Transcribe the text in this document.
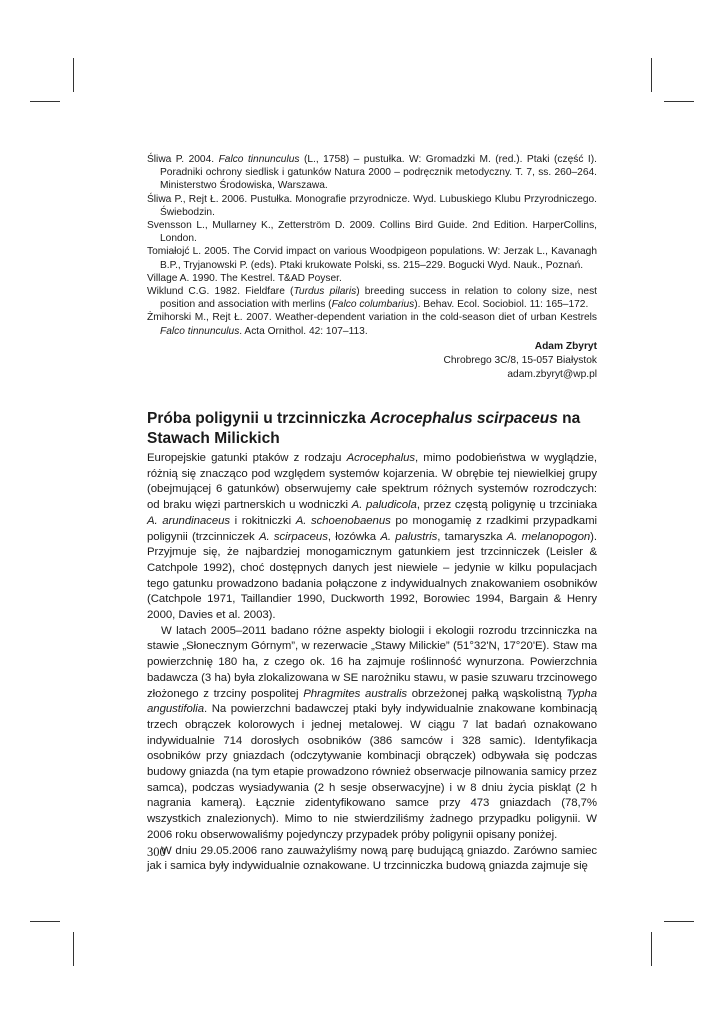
Śliwa P. 2004. Falco tinnunculus (L., 1758) – pustułka. W: Gromadzki M. (red.). Ptaki (część I). Poradniki ochrony siedlisk i gatunków Natura 2000 – podręcznik metodyczny. T. 7, ss. 260–264. Ministerstwo Środowiska, Warszawa.
Śliwa P., Rejt Ł. 2006. Pustułka. Monografie przyrodnicze. Wyd. Lubuskiego Klubu Przyrodniczego. Świebodzin.
Svensson L., Mullarney K., Zetterström D. 2009. Collins Bird Guide. 2nd Edition. HarperCollins, London.
Tomiałojć L. 2005. The Corvid impact on various Woodpigeon populations. W: Jerzak L., Kavanagh B.P., Tryjanowski P. (eds). Ptaki krukowate Polski, ss. 215–229. Bogucki Wyd. Nauk., Poznań.
Village A. 1990. The Kestrel. T&AD Poyser.
Wiklund C.G. 1982. Fieldfare (Turdus pilaris) breeding success in relation to colony size, nest position and association with merlins (Falco columbarius). Behav. Ecol. Sociobiol. 11: 165–172.
Żmihorski M., Rejt Ł. 2007. Weather-dependent variation in the cold-season diet of urban Kestrels Falco tinnunculus. Acta Ornithol. 42: 107–113.
Adam Zbyryt
Chrobrego 3C/8, 15-057 Białystok
adam.zbyryt@wp.pl
Próba poligynii u trzcinniczka Acrocephalus scirpaceus na Stawach Milickich

Europejskie gatunki ptaków z rodzaju Acrocephalus, mimo podobieństwa w wyglądzie, różnią się znacząco pod względem systemów kojarzenia. W obrębie tej niewielkiej grupy (obejmującej 6 gatunków) obserwujemy całe spektrum różnych systemów rozrodczych: od braku więzi partnerskich u wodniczki A. paludicola, przez częstą poligynię u trzciniaka A. arundinaceus i rokitniczki A. schoenobaenus po monogamię z rzadkimi przypadkami poligynii (trzcinniczek A. scirpaceus, łozówka A. palustris, tamaryszka A. melanopogon). Przyjmuje się, że najbardziej monogamicznym gatunkiem jest trzcinniczek (Leisler & Catchpole 1992), choć dostępnych danych jest niewiele – jedynie w kilku populacjach tego gatunku prowadzono badania połączone z indywidualnych znakowaniem osobników (Catchpole 1971, Taillandier 1990, Duckworth 1992, Borowiec 1994, Bargain & Henry 2000, Davies et al. 2003).

W latach 2005–2011 badano różne aspekty biologii i ekologii rozrodu trzcinniczka na stawie „Słonecznym Górnym”, w rezerwacie „Stawy Milickie” (51°32'N, 17°20'E). Staw ma powierzchnię 180 ha, z czego ok. 16 ha zajmuje roślinność wynurzona. Powierzchnia badawcza (3 ha) była zlokalizowana w SE narożniku stawu, w pasie szuwaru trzcinowego złożonego z trzciny pospolitej Phragmites australis obrzeżonej pałką wąskolistną Typha angustifolia. Na powierzchni badawczej ptaki były indywidualnie znakowane kombinacją trzech obrączek kolorowych i jednej metalowej. W ciągu 7 lat badań oznakowano indywidualnie 714 dorosłych osobników (386 samców i 328 samic). Identyfikacja osobników przy gniazdach (odczytywanie kombinacji obrączek) odbywała się podczas budowy gniazda (na tym etapie prowadzono również obserwacje pilnowania samicy przez samca), podczas wysiadywania (2 h sesje obserwacyjne) i w 8 dniu życia piskląt (2 h nagrania kamerą). Łącznie zidentyfikowano samce przy 473 gniazdach (78,7% wszystkich znalezionych). Mimo to nie stwierdziliśmy żadnego przypadku poligynii. W 2006 roku obserwowaliśmy pojedynczy przypadek próby poligynii opisany poniżej.

W dniu 29.05.2006 rano zauważyliśmy nową parę budującą gniazdo. Zarówno samiec jak i samica były indywidualnie oznakowane. U trzcinniczka budową gniazda zajmuje się

300
